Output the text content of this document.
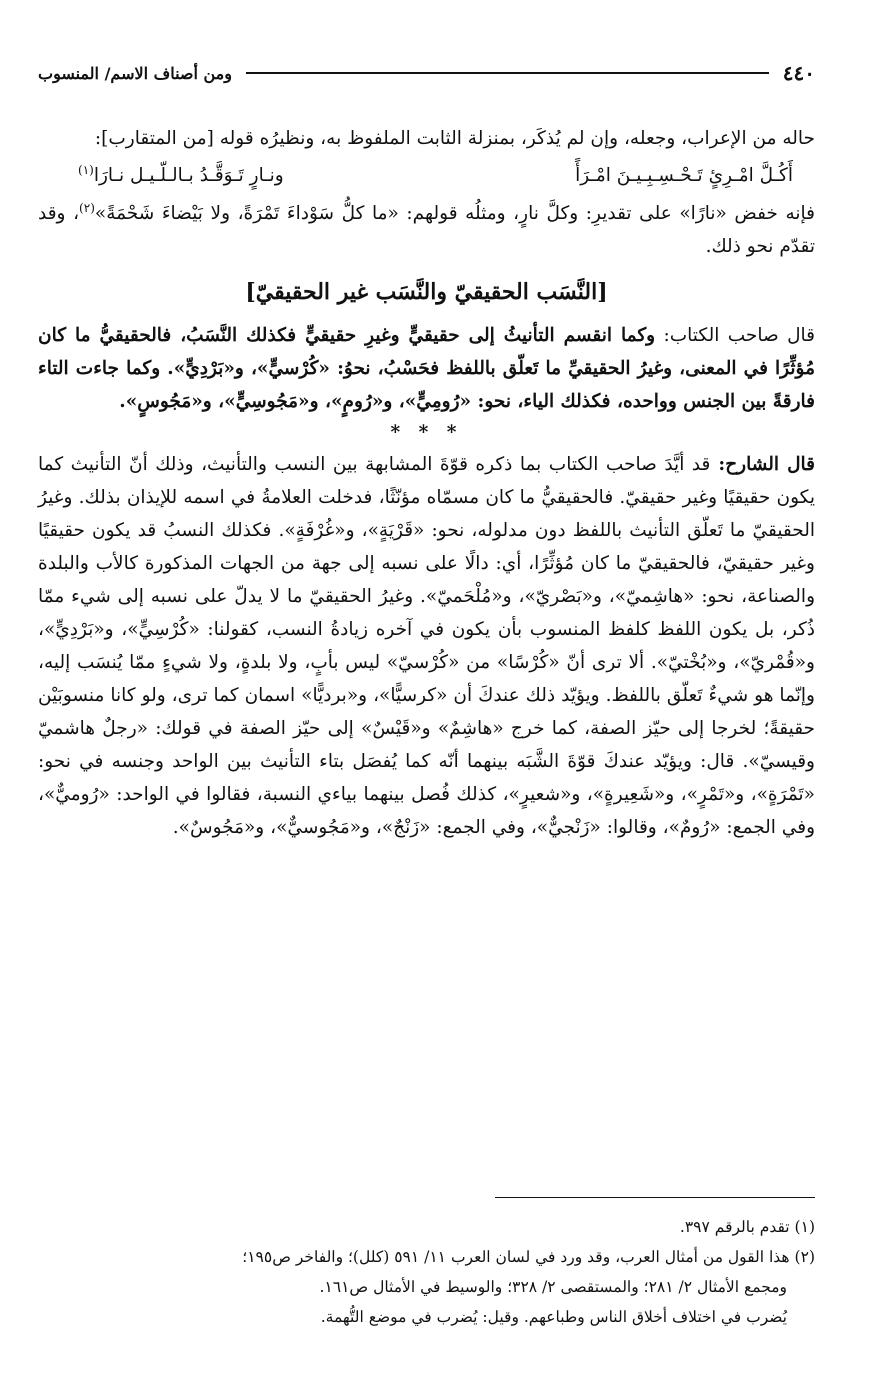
٤٤٠
ومن أصناف الاسم/ المنسوب

حاله من الإعراب، وجعله، وإن لم يُذكَر، بمنزلة الثابت الملفوظ به، ونظيرُه قوله [من المتقارب]:

أَكُـلَّ امْـرِئٍ تَـحْـسِـبِـيـنَ امْـرَأً
ونـارٍ تَـوَقَّـدُ بـالـلّـيـل نـارَا$^{(١)}$

فإنه خفض «نارًا» على تقديرِ: وكلَّ نارٍ، ومثلُه قولهم: «ما كلُّ سَوْداءَ تَمْرَةً، ولا بَيْضاءَ شَحْمَةً»$^{(٢)}$، وقد تقدّم نحو ذلك.

[النَّسَب الحقيقيّ والنَّسَب غير الحقيقيّ]

قال صاحب الكتاب: وكما انقسم التأنيثُ إلى حقيقيٍّ وغيرِ حقيقيٍّ فكذلك النَّسَبُ، فالحقيقيُّ ما كان مُؤثِّرًا في المعنى، وغيرُ الحقيقيِّ ما تَعلّق باللفظ فحَسْبُ، نحوُ: «كُرْسيٍّ»، و«بَرْدِيٍّ». وكما جاءت التاء فارقةً بين الجنس وواحده، فكذلك الياء، نحو: «رُومِيٍّ»، و«رُومٍ»، و«مَجُوسِيٍّ»، و«مَجُوسٍ».

* * *

قال الشارح: قد أيَّدَ صاحب الكتاب بما ذكره قوّةَ المشابهة بين النسب والتأنيث، وذلك أنّ التأنيث كما يكون حقيقيًا وغير حقيقيّ. فالحقيقيُّ ما كان مسمّاه مؤنّثًا، فدخلت العلامةُ في اسمه للإيذان بذلك. وغيرُ الحقيقيّ ما تَعلّق التأنيث باللفظ دون مدلوله، نحو: «قَرْيَةٍ»، و«غُرْفَةٍ». فكذلك النسبُ قد يكون حقيقيًا وغير حقيقيّ، فالحقيقيّ ما كان مُؤثِّرًا، أي: دالًا على نسبه إلى جهة من الجهات المذكورة كالأب والبلدة والصناعة، نحو: «هاشِميّ»، و«بَصْريّ»، و«مُلْحَميّ». وغيرُ الحقيقيّ ما لا يدلّ على نسبه إلى شيء ممّا ذُكر، بل يكون اللفظ كلفظ المنسوب بأن يكون في آخره زيادةُ النسب، كقولنا: «كُرْسِيٍّ»، و«بَرْدِيٍّ»، و«قُمْريّ»، و«بُخْتيّ». ألا ترى أنّ «كُرْسًا» من «كُرْسيّ» ليس بأبٍ، ولا بلدةٍ، ولا شيءٍ ممّا يُنسَب إليه، وإنّما هو شيءٌ تَعلّق باللفظ. ويؤيّد ذلك عندكَ أن «كرسيًّا»، و«برديًّا» اسمان كما ترى، ولو كانا منسوبَيْن حقيقةً؛ لخرجا إلى حيّز الصفة، كما خرج «هاشِمٌ» و«قَيْسٌ» إلى حيّز الصفة في قولك: «رجلٌ هاشميّ وقيسيّ». قال: ويؤيّد عندكَ قوّةَ الشَّبَه بينهما أنّه كما يُفصَل بتاء التأنيث بين الواحد وجنسه في نحو: «تَمْرَةٍ»، و«تَمْرٍ»، و«شَعِيرةٍ»، و«شعيرٍ»، كذلك فُصل بينهما بياءي النسبة، فقالوا في الواحد: «رُوميٌّ»، وفي الجمع: «رُومٌ»، وقالوا: «زَنْجيٌّ»، وفي الجمع: «زَنْجٌ»، و«مَجُوسيٌّ»، و«مَجُوسٌ».

(١) تقدم بالرقم ٣٩٧.

(٢) هذا القول من أمثال العرب، وقد ورد في لسان العرب ١١/ ٥٩١ (كلل)؛ والفاخر ص١٩٥؛

ومجمع الأمثال ٢/ ٢٨١؛ والمستقصى ٢/ ٣٢٨؛ والوسيط في الأمثال ص١٦١.

يُضرب في اختلاف أخلاق الناس وطباعهم. وقيل: يُضرب في موضع التُّهمة.
